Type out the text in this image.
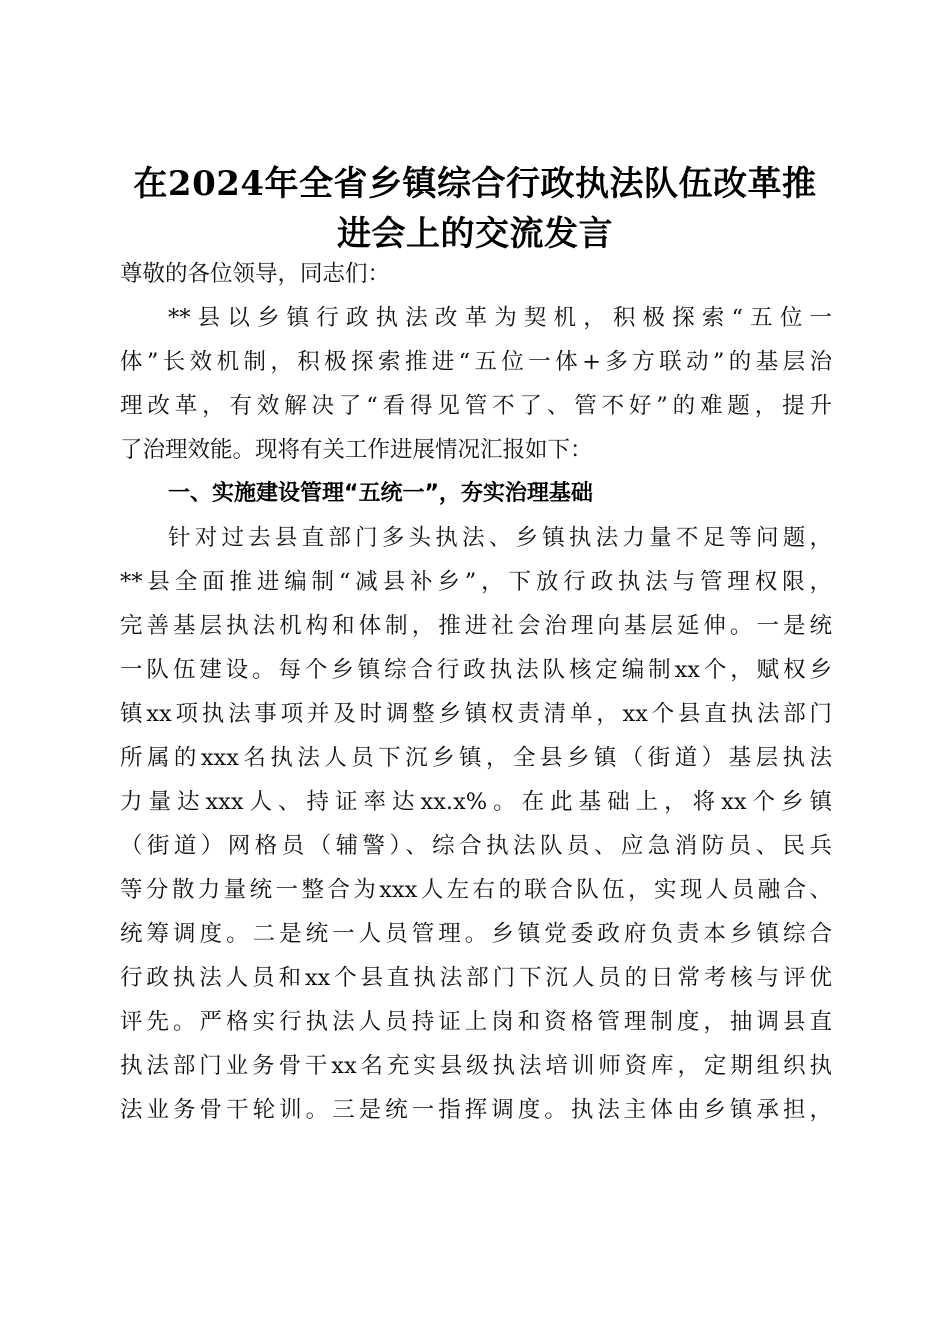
在2024年全省乡镇综合行政执法队伍改革推
进会上的交流发言

尊敬的各位领导，同志们：

**县以乡镇行政执法改革为契机，积极探索“五位一
体”长效机制，积极探索推进“五位一体+多方联动”的基层治
理改革，有效解决了“看得见管不了、管不好”的难题，提升
了治理效能。现将有关工作进展情况汇报如下：

一、实施建设管理“五统一”，夯实治理基础

针对过去县直部门多头执法、乡镇执法力量不足等问题，
**县全面推进编制“减县补乡”，下放行政执法与管理权限，
完善基层执法机构和体制，推进社会治理向基层延伸。一是统
一队伍建设。每个乡镇综合行政执法队核定编制xx个，赋权乡
镇xx项执法事项并及时调整乡镇权责清单，xx个县直执法部门
所属的xxx名执法人员下沉乡镇，全县乡镇（街道）基层执法
力量达xxx人、持证率达xx.x%。在此基础上，将xx个乡镇
（街道）网格员（辅警）、综合执法队员、应急消防员、民兵
等分散力量统一整合为xxx人左右的联合队伍，实现人员融合、
统筹调度。二是统一人员管理。乡镇党委政府负责本乡镇综合
行政执法人员和xx个县直执法部门下沉人员的日常考核与评优
评先。严格实行执法人员持证上岗和资格管理制度，抽调县直
执法部门业务骨干xx名充实县级执法培训师资库，定期组织执
法业务骨干轮训。三是统一指挥调度。执法主体由乡镇承担，
